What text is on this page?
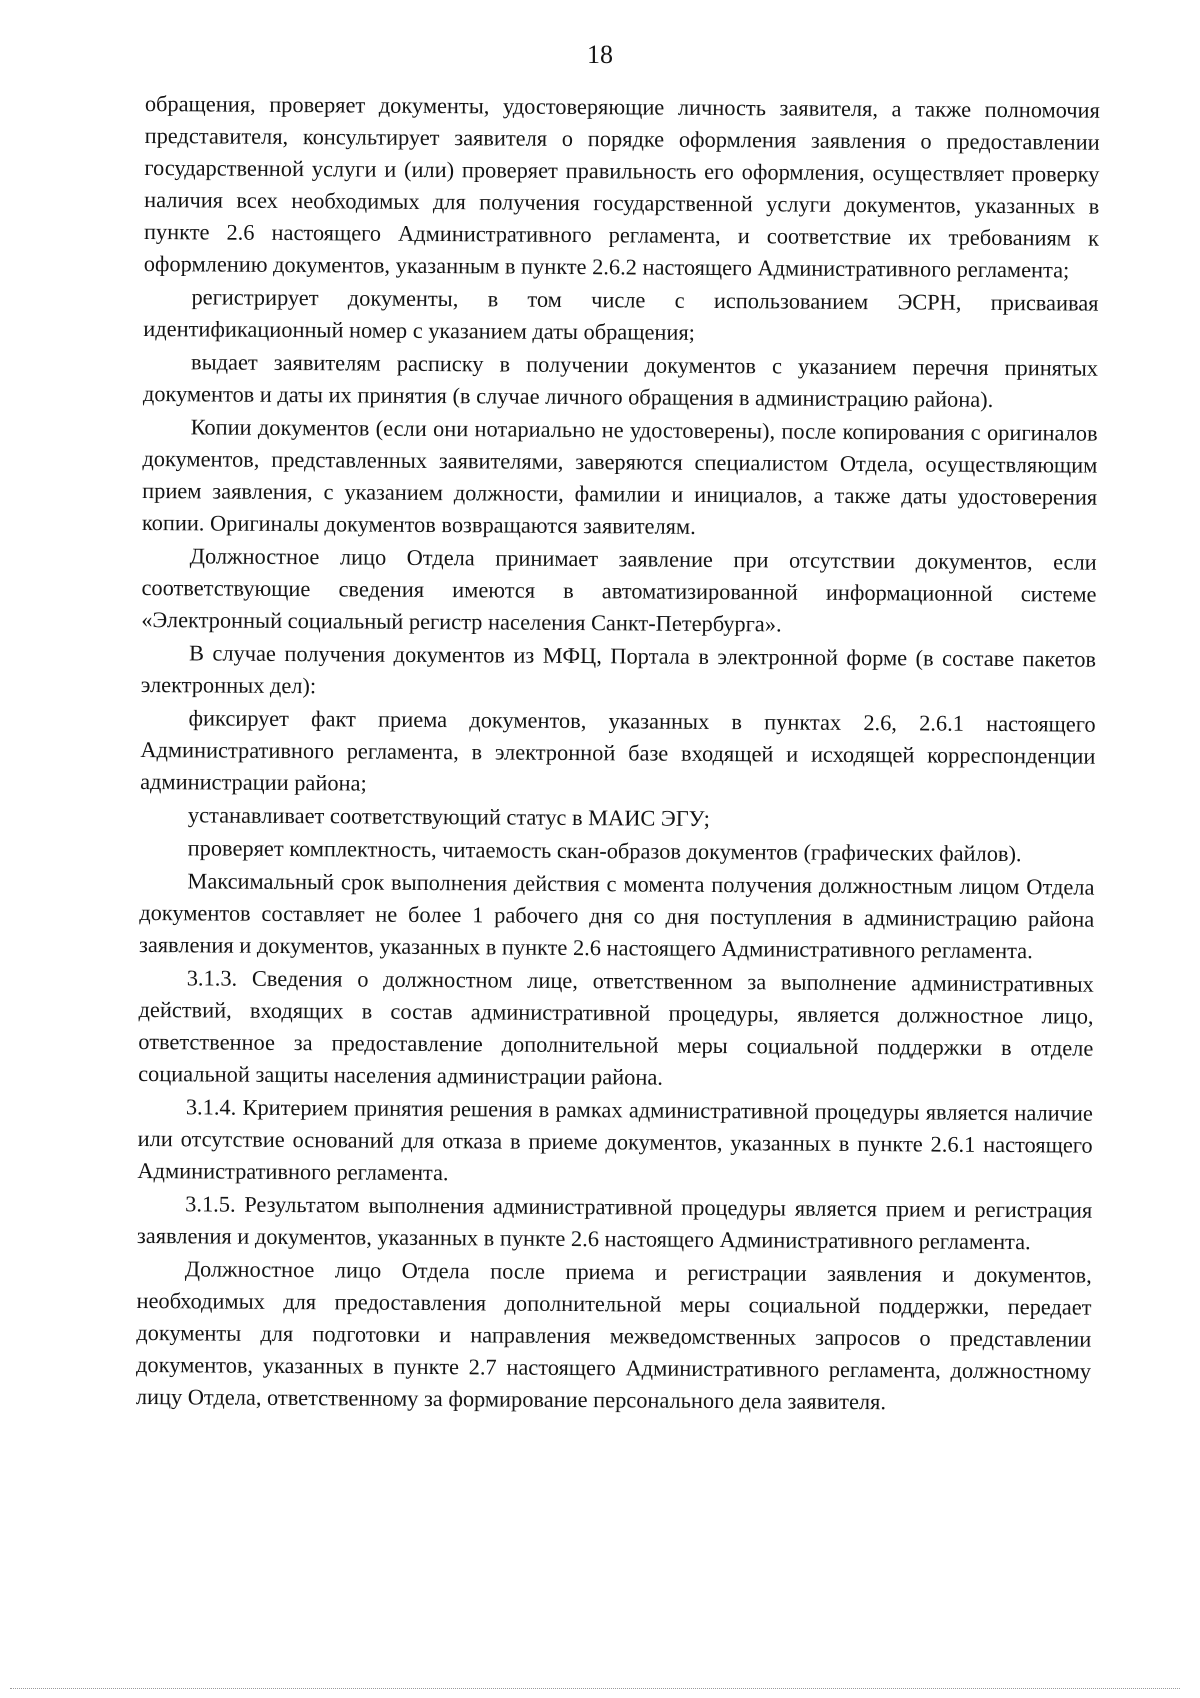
18

обращения, проверяет документы, удостоверяющие личность заявителя, а также полномочия представителя, консультирует заявителя о порядке оформления заявления о предоставлении государственной услуги и (или) проверяет правильность его оформления, осуществляет проверку наличия всех необходимых для получения государственной услуги документов, указанных в пункте 2.6 настоящего Административного регламента, и соответствие их требованиям к оформлению документов, указанным в пункте 2.6.2 настоящего Административного регламента;

регистрирует документы, в том числе с использованием ЭСРН, присваивая идентификационный номер с указанием даты обращения;

выдает заявителям расписку в получении документов с указанием перечня принятых документов и даты их принятия (в случае личного обращения в администрацию района).

Копии документов (если они нотариально не удостоверены), после копирования с оригиналов документов, представленных заявителями, заверяются специалистом Отдела, осуществляющим прием заявления, с указанием должности, фамилии и инициалов, а также даты удостоверения копии. Оригиналы документов возвращаются заявителям.

Должностное лицо Отдела принимает заявление при отсутствии документов, если соответствующие сведения имеются в автоматизированной информационной системе «Электронный социальный регистр населения Санкт-Петербурга».

В случае получения документов из МФЦ, Портала в электронной форме (в составе пакетов электронных дел):

фиксирует факт приема документов, указанных в пунктах 2.6, 2.6.1 настоящего Административного регламента, в электронной базе входящей и исходящей корреспонденции администрации района;

устанавливает соответствующий статус в МАИС ЭГУ;

проверяет комплектность, читаемость скан-образов документов (графических файлов).

Максимальный срок выполнения действия с момента получения должностным лицом Отдела документов составляет не более 1 рабочего дня со дня поступления в администрацию района заявления и документов, указанных в пункте 2.6 настоящего Административного регламента.

3.1.3. Сведения о должностном лице, ответственном за выполнение административных действий, входящих в состав административной процедуры, является должностное лицо, ответственное за предоставление дополнительной меры социальной поддержки в отделе социальной защиты населения администрации района.

3.1.4. Критерием принятия решения в рамках административной процедуры является наличие или отсутствие оснований для отказа в приеме документов, указанных в пункте 2.6.1 настоящего Административного регламента.

3.1.5. Результатом выполнения административной процедуры является прием и регистрация заявления и документов, указанных в пункте 2.6 настоящего Административного регламента.

Должностное лицо Отдела после приема и регистрации заявления и документов, необходимых для предоставления дополнительной меры социальной поддержки, передает документы для подготовки и направления межведомственных запросов о представлении документов, указанных в пункте 2.7 настоящего Административного регламента, должностному лицу Отдела, ответственному за формирование персонального дела заявителя.
